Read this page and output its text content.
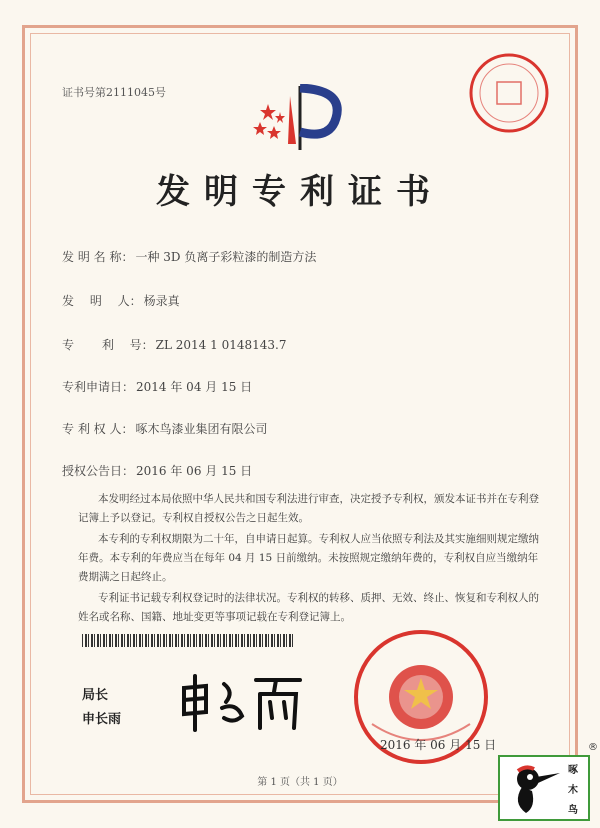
证书号第2111045号
发明专利证书
发 明 名 称： 一种 3D 负离子彩粒漆的制造方法
发　 明　 人： 杨录真
专　　 利　 号： ZL 2014 1 0148143.7
专利申请日： 2014 年 04 月 15 日
专 利 权 人： 啄木鸟漆业集团有限公司
授权公告日： 2016 年 06 月 15 日
本发明经过本局依照中华人民共和国专利法进行审查，决定授予专利权，颁发本证书并在专利登记簿上予以登记。专利权自授权公告之日起生效。
本专利的专利权期限为二十年，自申请日起算。专利权人应当依照专利法及其实施细则规定缴纳年费。本专利的年费应当在每年 04 月 15 日前缴纳。未按照规定缴纳年费的，专利权自应当缴纳年费期满之日起终止。
专利证书记载专利权登记时的法律状况。专利权的转移、质押、无效、终止、恢复和专利权人的姓名或名称、国籍、地址变更等事项记载在专利登记簿上。
局长
申长雨
2016 年 06 月 15 日
第 1 页（共 1 页）
®
啄
木
鸟
